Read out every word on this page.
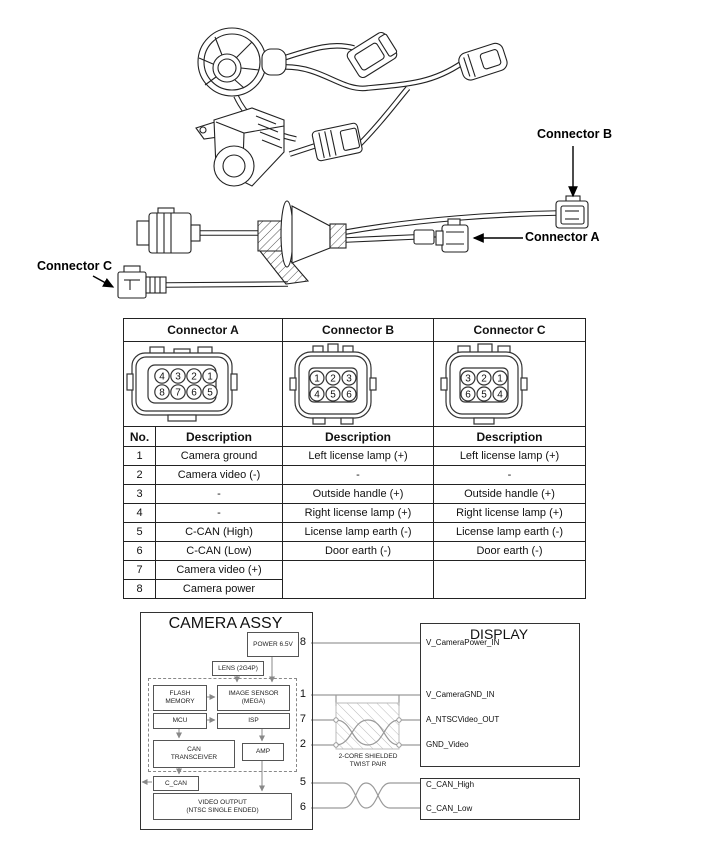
Connector B
Connector A
Connector C
Connector A		Connector B	Connector C

4 3 2 1
8 7 6 5

1 2 3
4 5 6

3 2 1
6 5 4

No.	Description	Description	Description
1	Camera ground	Left license lamp (+)	Left license lamp (+)
2	Camera video (-)	-	-
3	-	Outside handle (+)	Outside handle (+)
4	-	Right license lamp (+)	Right license lamp (+)
5	C-CAN (High)	License lamp earth (-)	License lamp earth (-)
6	C-CAN (Low)	Door earth (-)	Door earth (-)
7	Camera video (+)		
8	Camera power		
CAMERA ASSY
POWER 6.5V
LENS (2G4P)
FLASH
MEMORY
IMAGE SENSOR
(MEGA)
MCU	ISP
CAN
TRANSCEIVER
AMP
C_CAN
VIDEO OUTPUT
(NTSC SINGLE ENDED)
8
1
7
2
5
6
2-CORE SHIELDED
TWIST PAIR
DISPLAY
V_CameraPower_IN
V_CameraGND_IN
A_NTSCVideo_OUT
GND_Video
C_CAN_High
C_CAN_Low
